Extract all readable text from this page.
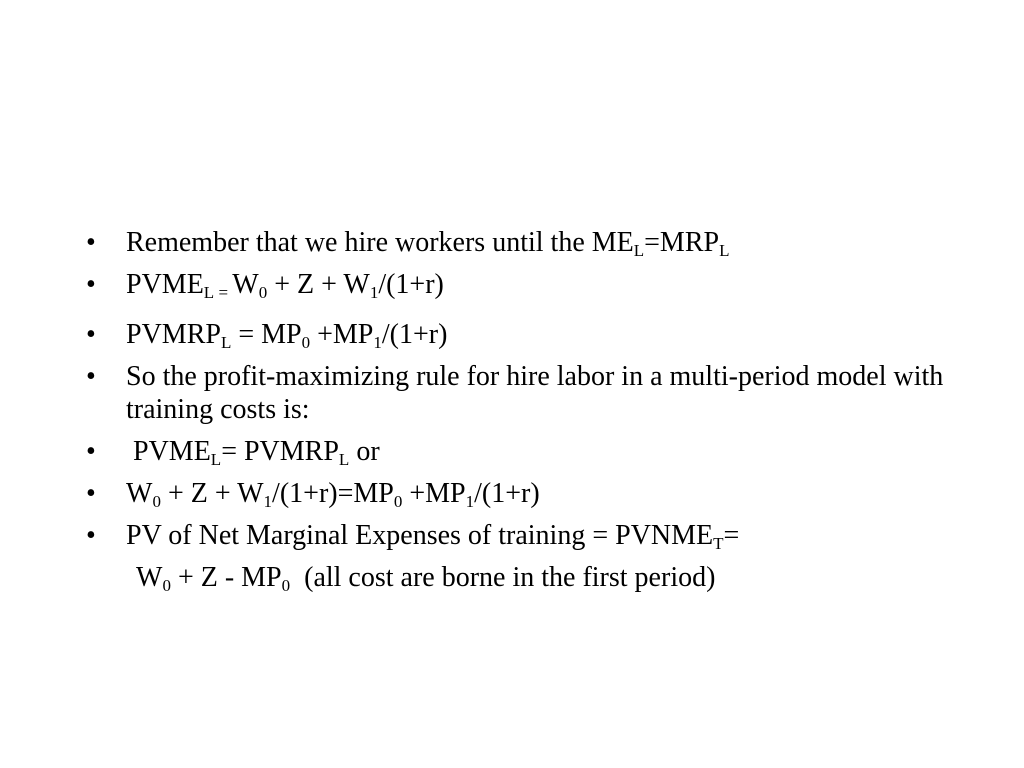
•	Remember that we hire workers until the $ME_L=MRP_L$
•	$PVME_L = W_0 + Z + W_1/(1+r)$
•	$PVMRP_L = MP_0 +MP_1/(1+r)$
•	So the profit-maximizing rule for hire labor in a multi-period model with training costs is:
•	$PVME_L=$ $PVMRP_L$ or
•	$W_0 + Z + W_1/(1+r)=MP_0 +MP_1/(1+r)$
•	PV of Net Marginal Expenses of training = $PVNME_T=$
$W_0 + Z - MP_0$ (all cost are borne in the first period)
